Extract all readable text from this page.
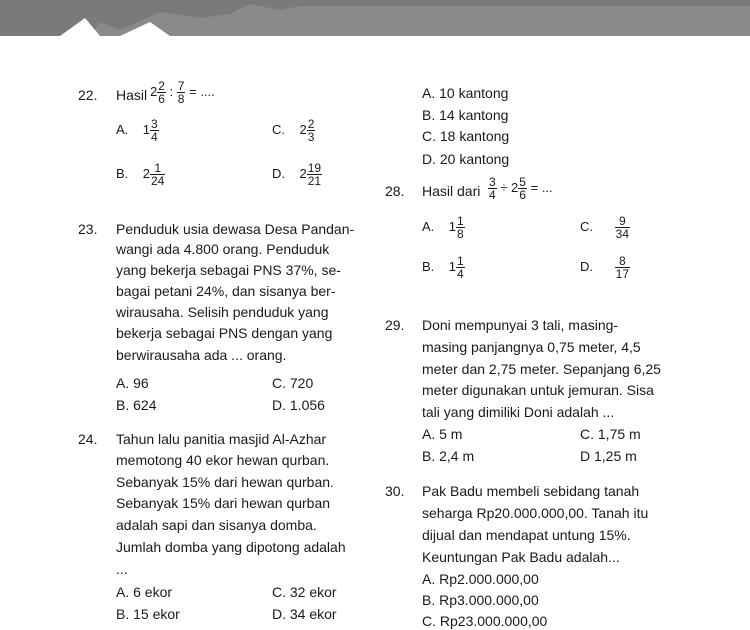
22. Hasil $2 \frac{2}{6}$ : $\frac{7}{8}$ = ....
A. $1 \frac{3}{4}$	C. $2 \frac{2}{3}$
B. $2 \frac{1}{24}$	D. $2 \frac{19}{21}$
23. Penduduk usia dewasa Desa Pandan-
wangi ada 4.800 orang. Penduduk
yang bekerja sebagai PNS 37%, se-
bagai petani 24%, dan sisanya ber-
wirausaha. Selisih penduduk yang
bekerja sebagai PNS dengan yang
berwirausaha ada ... orang.
A. 96	C. 720
B. 624	D. 1.056
24. Tahun lalu panitia masjid Al-Azhar
memotong 40 ekor hewan qurban.
Sebanyak 15% dari hewan qurban.
Sebanyak 15% dari hewan qurban
adalah sapi dan sisanya domba.
Jumlah domba yang dipotong adalah
...
A. 6 ekor	C. 32 ekor
B. 15 ekor	D. 34 ekor
A. 10 kantong
B. 14 kantong
C. 18 kantong
D. 20 kantong
28. Hasil dari $\frac{3}{4} \div 2 \frac{5}{6}$ = ...
A. $1 \frac{1}{8}$	C. $\frac{9}{34}$
B. $1 \frac{1}{4}$	D. $\frac{8}{17}$
29. Doni mempunyai 3 tali, masing-
masing panjangnya 0,75 meter, 4,5
meter dan 2,75 meter. Sepanjang 6,25
meter digunakan untuk jemuran. Sisa
tali yang dimiliki Doni adalah ...
A. 5 m	C. 1,75 m
B. 2,4 m	D 1,25 m
30. Pak Badu membeli sebidang tanah
seharga Rp20.000.000,00. Tanah itu
dijual dan mendapat untung 15%.
Keuntungan Pak Badu adalah...
A. Rp2.000.000,00
B. Rp3.000.000,00
C. Rp23.000.000,00
